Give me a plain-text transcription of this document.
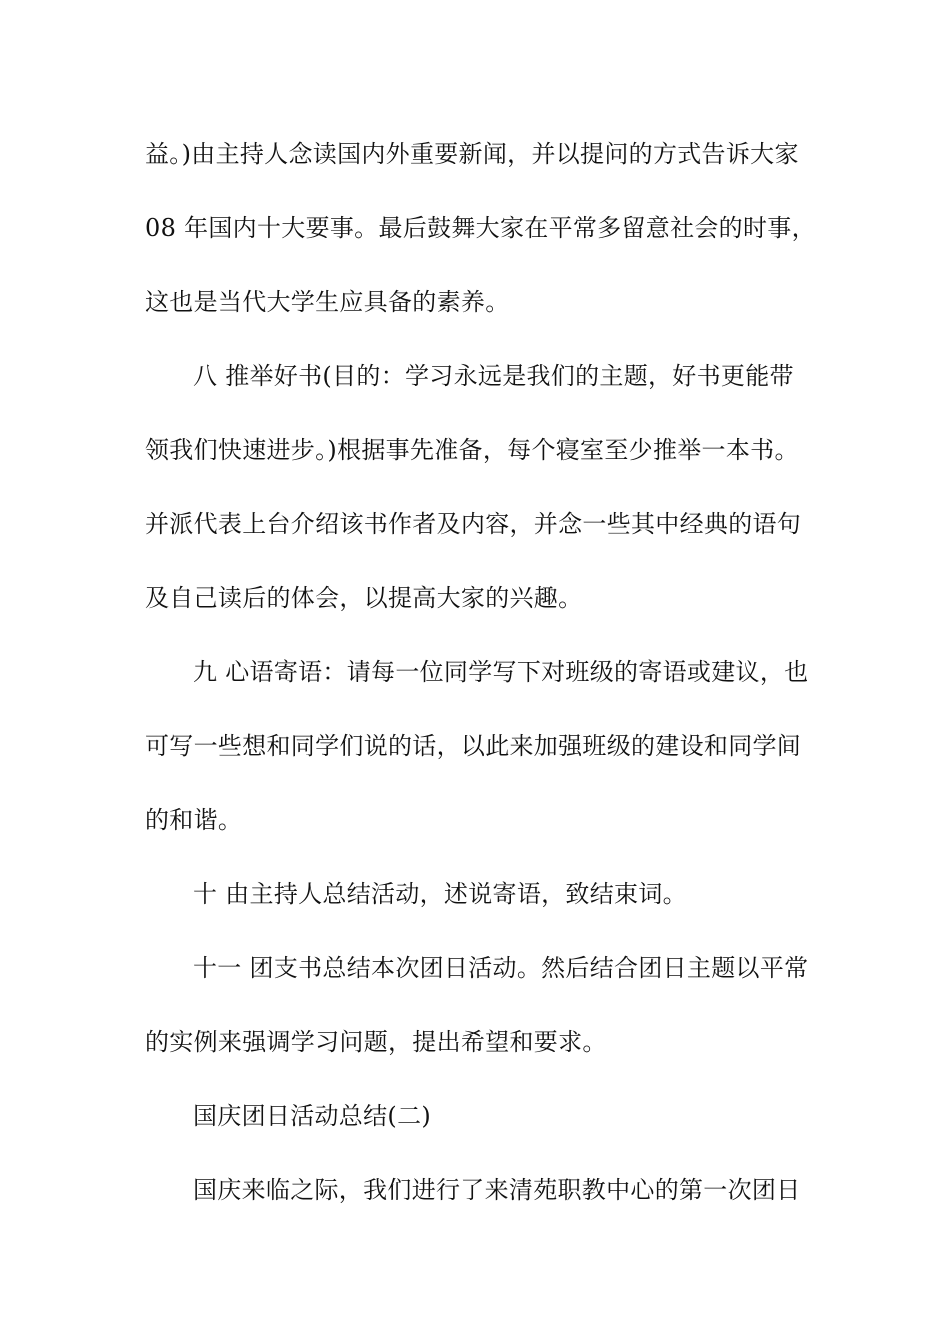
益。)由主持人念读国内外重要新闻，并以提问的方式告诉大家
08 年国内十大要事。最后鼓舞大家在平常多留意社会的时事，
这也是当代大学生应具备的素养。
八 推举好书(目的：学习永远是我们的主题，好书更能带
领我们快速进步。)根据事先准备，每个寝室至少推举一本书。
并派代表上台介绍该书作者及内容，并念一些其中经典的语句
及自己读后的体会，以提高大家的兴趣。
九 心语寄语：请每一位同学写下对班级的寄语或建议，也
可写一些想和同学们说的话，以此来加强班级的建设和同学间
的和谐。
十 由主持人总结活动，述说寄语，致结束词。
十一 团支书总结本次团日活动。然后结合团日主题以平常
的实例来强调学习问题，提出希望和要求。
国庆团日活动总结(二)
国庆来临之际，我们进行了来清苑职教中心的第一次团日
